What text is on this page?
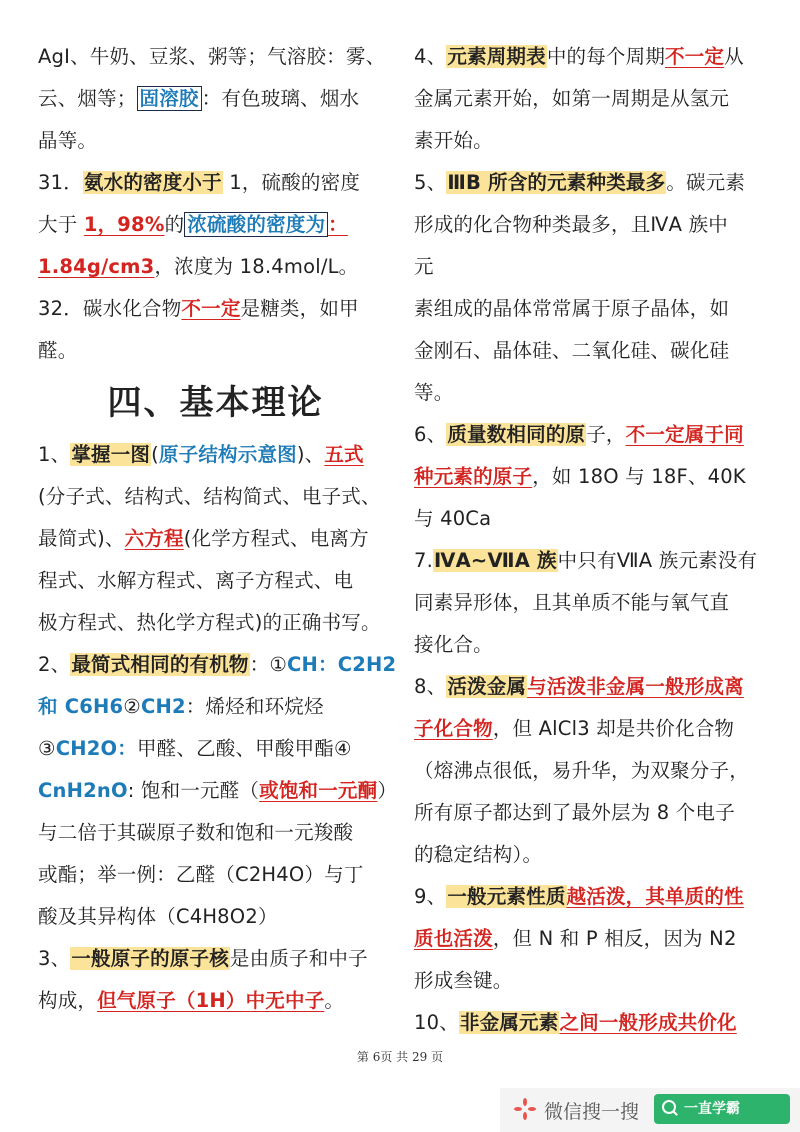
AgI、牛奶、豆浆、粥等；气溶胶：雾、
云、烟等； 固溶胶 ：有色玻璃、烟水
晶等。
31．氨水的密度小于 1，硫酸的密度
大于 1，98%的 浓硫酸的密度为 ：
1.84g/cm3，浓度为 18.4mol/L。
32．碳水化合物不一定是糖类，如甲
醛。
四、基本理论
1、掌握一图(原子结构示意图)、五式
(分子式、结构式、结构简式、电子式、
最简式)、六方程(化学方程式、电离方
程式、水解方程式、离子方程式、电
极方程式、热化学方程式)的正确书写。
2、最简式相同的有机物：①CH：C2H2
和 C6H6②CH2：烯烃和环烷烃
③CH2O：甲醛、乙酸、甲酸甲酯④
CnH2nO: 饱和一元醛（或饱和一元酮）
与二倍于其碳原子数和饱和一元羧酸
或酯；举一例：乙醛（C2H4O）与丁
酸及其异构体（C4H8O2）
3、一般原子的原子核是由质子和中子
构成，但气原子（1H）中无中子。
4、元素周期表中的每个周期不一定从
金属元素开始，如第一周期是从氢元
素开始。
5、ⅢB 所含的元素种类最多。碳元素
形成的化合物种类最多，且ⅣA 族中
元
素组成的晶体常常属于原子晶体，如
金刚石、晶体硅、二氧化硅、碳化硅
等。
6、质量数相同的原子，不一定属于同
种元素的原子，如 18O 与 18F、40K
与 40Ca
7.ⅣA~ⅦA 族中只有ⅦA 族元素没有
同素异形体，且其单质不能与氧气直
接化合。
8、活泼金属与活泼非金属一般形成离
子化合物，但 AlCl3 却是共价化合物
（熔沸点很低，易升华，为双聚分子，
所有原子都达到了最外层为 8 个电子
的稳定结构）。
9、一般元素性质越活泼，其单质的性
质也活泼，但 N 和 P 相反，因为 N2
形成叁键。
10、非金属元素之间一般形成共价化
第 6页 共 29 页
微信搜一搜	一直学霸
